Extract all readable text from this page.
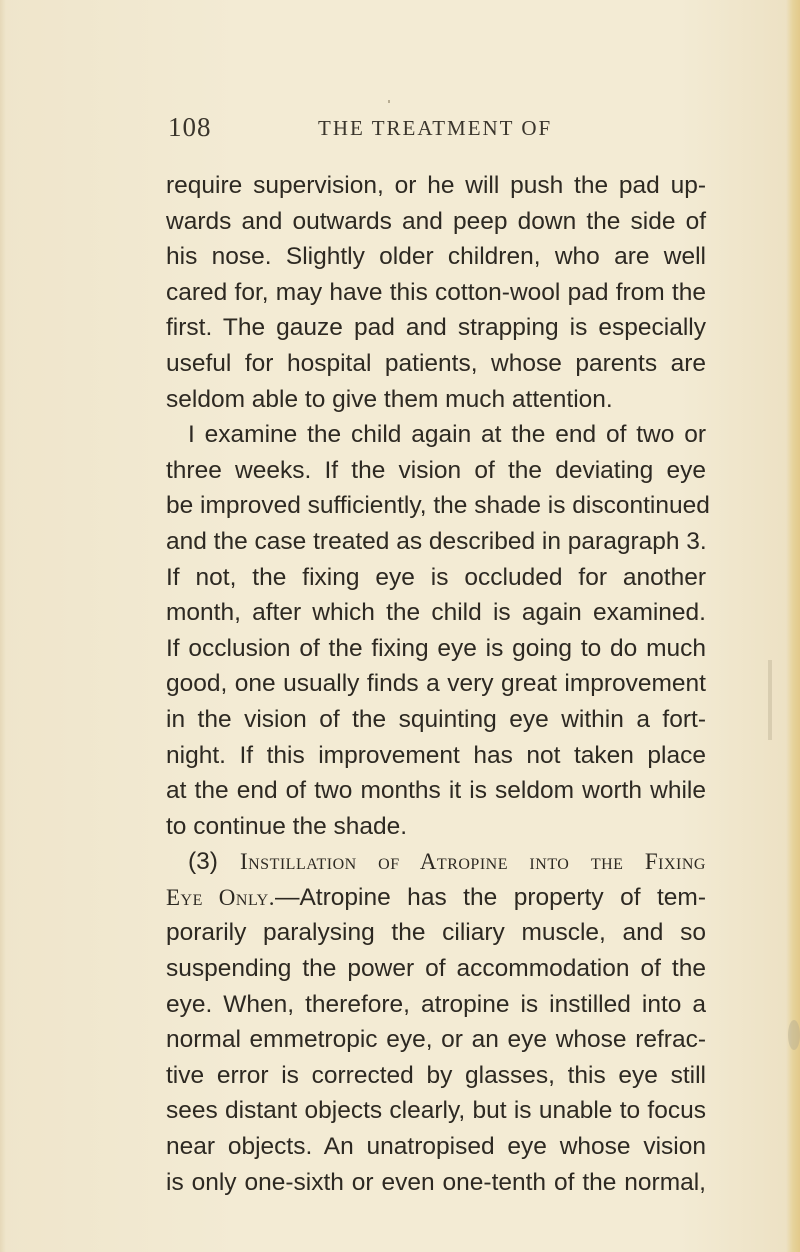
108	THE TREATMENT OF
require supervision, or he will push the pad up-
wards and outwards and peep down the side of
his nose. Slightly older children, who are well
cared for, may have this cotton-wool pad from the
first. The gauze pad and strapping is especially
useful for hospital patients, whose parents are
seldom able to give them much attention.
I examine the child again at the end of two or
three weeks. If the vision of the deviating eye
be improved sufficiently, the shade is discontinued
and the case treated as described in paragraph 3.
If not, the fixing eye is occluded for another
month, after which the child is again examined.
If occlusion of the fixing eye is going to do much
good, one usually finds a very great improvement
in the vision of the squinting eye within a fort-
night. If this improvement has not taken place
at the end of two months it is seldom worth while
to continue the shade.
(3) Instillation of Atropine into the Fixing
Eye Only.—Atropine has the property of tem-
porarily paralysing the ciliary muscle, and so
suspending the power of accommodation of the
eye. When, therefore, atropine is instilled into a
normal emmetropic eye, or an eye whose refrac-
tive error is corrected by glasses, this eye still
sees distant objects clearly, but is unable to focus
near objects. An unatropised eye whose vision
is only one-sixth or even one-tenth of the normal,
